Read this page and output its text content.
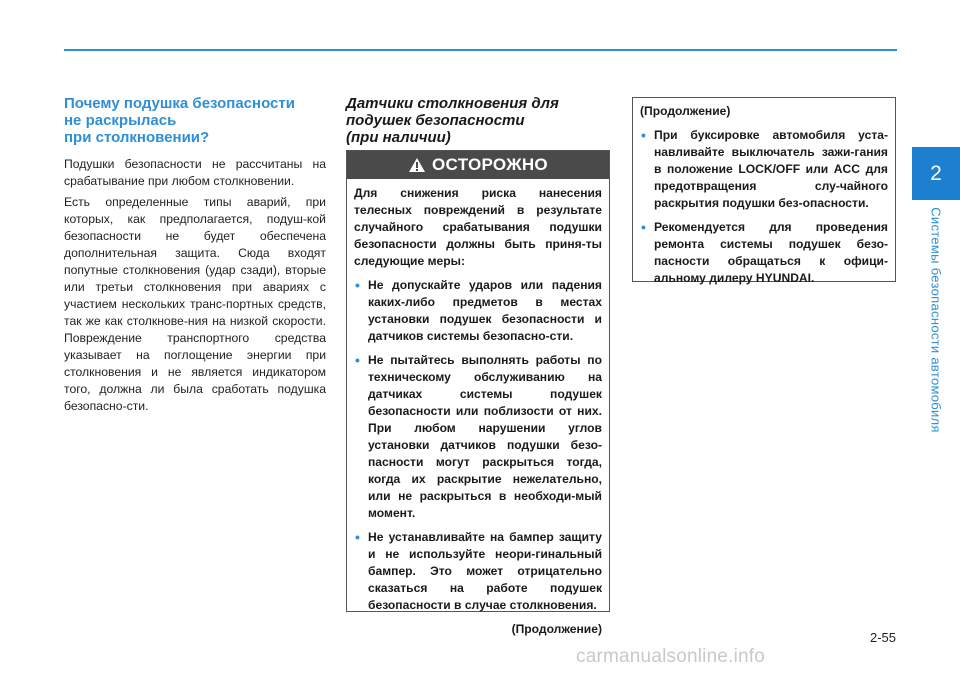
2
Системы безопасности автомобиля
Почему подушка безопасности
не раскрылась
при столкновении?

Подушки безопасности не рассчитаны на срабатывание при любом столкновении.

Есть определенные типы аварий, при которых, как предполагается, подуш-кой безопасности не будет обеспечена дополнительная защита. Сюда входят попутные столкновения (удар сзади), вторые или третьи столкновения при авариях с участием нескольких транс-портных средств, так же как столкнове-ния на низкой скорости. Повреждение транспортного средства указывает на поглощение энергии при столкновения и не является индикатором того, должна ли была сработать подушка безопасно-сти.

Датчики столкновения для
подушек безопасности
(при наличии)
ОСТОРОЖНО

Для снижения риска нанесения телесных повреждений в результате случайного срабатывания подушки безопасности должны быть приня-ты следующие меры:

• Не допускайте ударов или падения каких-либо предметов в местах установки подушек безопасности и датчиков системы безопасно-сти.
• Не пытайтесь выполнять работы по техническому обслуживанию на датчиках системы подушек безопасности или поблизости от них. При любом нарушении углов установки датчиков подушки безо-пасности могут раскрыться тогда, когда их раскрытие нежелательно, или не раскрыться в необходи-мый момент.
• Не устанавливайте на бампер защиту и не используйте неори-гинальный бампер. Это может отрицательно сказаться на работе подушек безопасности в случае столкновения.
(Продолжение)

(Продолжение)

• При буксировке автомобиля уста-навливайте выключатель зажи-гания в положение LOCK/OFF или ACC для предотвращения слу-чайного раскрытия подушки без-опасности.
• Рекомендуется для проведения ремонта системы подушек безо-пасности обращаться к офици-альному дилеру HYUNDAI.
2-55
carmanualsonline.info
